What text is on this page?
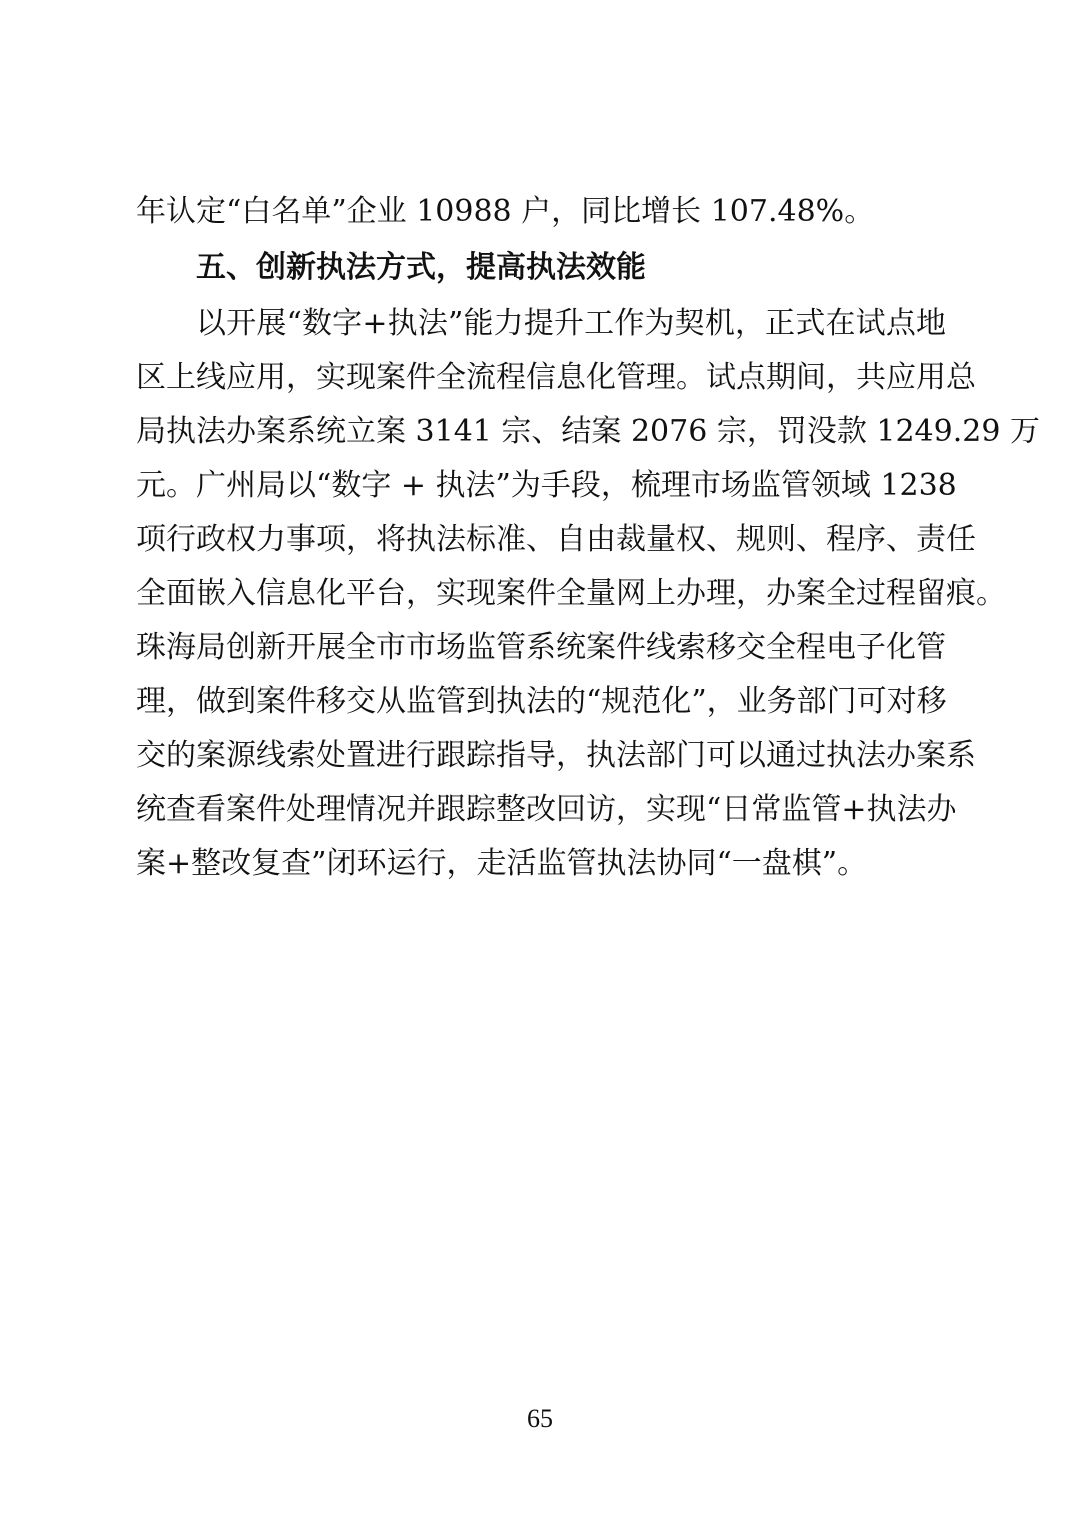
年认定“白名单”企业 10988 户，同比增长 107.48%。
五、创新执法方式，提高执法效能
以开展“数字+执法”能力提升工作为契机，正式在试点地
区上线应用，实现案件全流程信息化管理。试点期间，共应用总
局执法办案系统立案 3141 宗、结案 2076 宗，罚没款 1249.29 万
元。广州局以“数字 + 执法”为手段，梳理市场监管领域 1238
项行政权力事项，将执法标准、自由裁量权、规则、程序、责任
全面嵌入信息化平台，实现案件全量网上办理，办案全过程留痕。
珠海局创新开展全市市场监管系统案件线索移交全程电子化管
理，做到案件移交从监管到执法的“规范化”，业务部门可对移
交的案源线索处置进行跟踪指导，执法部门可以通过执法办案系
统查看案件处理情况并跟踪整改回访，实现“日常监管+执法办
案+整改复查”闭环运行，走活监管执法协同“一盘棋”。
65
